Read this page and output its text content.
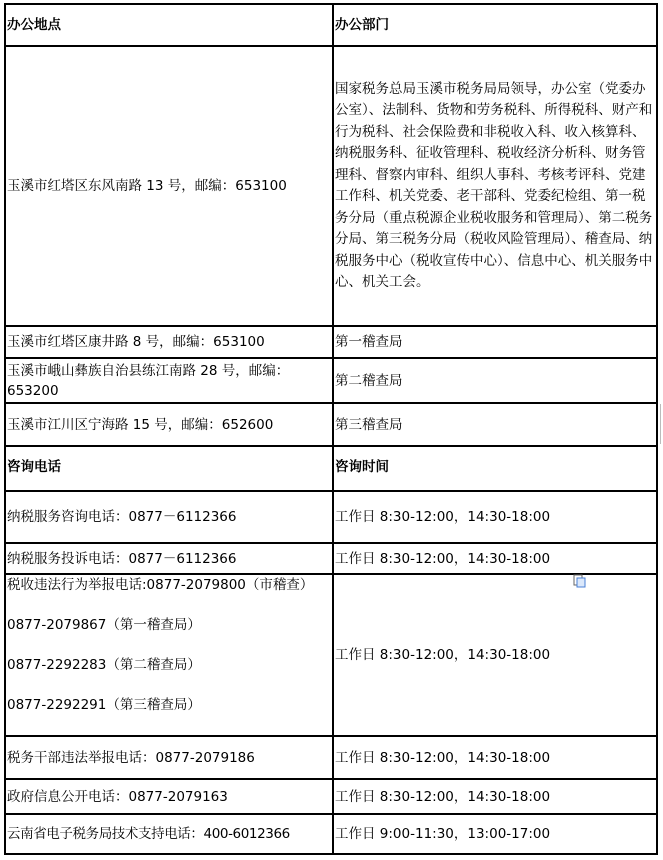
办公地点	办公部门
玉溪市红塔区东风南路 13 号，邮编：653100	国家税务总局玉溪市税务局局领导，办公室（党委办公室）、法制科、货物和劳务税科、所得税科、财产和行为税科、社会保险费和非税收入科、收入核算科、纳税服务科、征收管理科、税收经济分析科、财务管理科、督察内审科、组织人事科、考核考评科、党建工作科、机关党委、老干部科、党委纪检组、第一税务分局（重点税源企业税收服务和管理局）、第二税务分局、第三税务分局（税收风险管理局）、稽查局、纳税服务中心（税收宣传中心）、信息中心、机关服务中心、机关工会。
玉溪市红塔区康井路 8 号，邮编：653100	第一稽查局
玉溪市峨山彝族自治县练江南路 28 号，邮编：653200	第二稽查局
玉溪市江川区宁海路 15 号，邮编：652600	第三稽查局
咨询电话	咨询时间
纳税服务咨询电话：0877－6112366	工作日 8:30-12:00，14:30-18:00
纳税服务投诉电话：0877－6112366	工作日 8:30-12:00，14:30-18:00

税收违法行为举报电话:0877-2079800（市稽查）
0877-2079867（第一稽查局）
0877-2292283（第二稽查局）
0877-2292291（第三稽查局）	工作日 8:30-12:00，14:30-18:00
税务干部违法举报电话：0877-2079186	工作日 8:30-12:00，14:30-18:00
政府信息公开电话：0877-2079163	工作日 8:30-12:00，14:30-18:00
云南省电子税务局技术支持电话：400-6012366	工作日 9:00-11:30，13:00-17:00
